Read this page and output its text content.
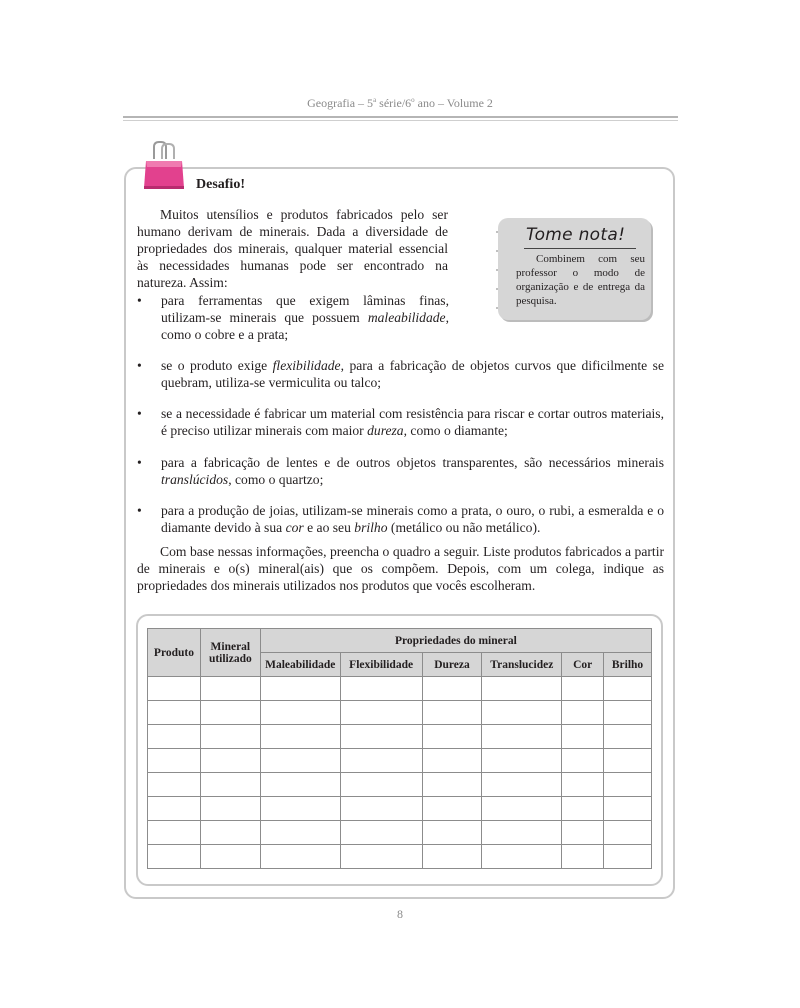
Geografia – 5$^a$ série/6$^o$ ano – Volume 2
Desafio!

Muitos utensílios e produtos fabricados pelo ser humano derivam de minerais. Dada a diversidade de propriedades dos minerais, qualquer material essencial às necessidades humanas pode ser encontrado na natureza. Assim:

•	para ferramentas que exigem lâminas finas, utilizam-se minerais que possuem maleabilidade, como o cobre e a prata;

•	se o produto exige flexibilidade, para a fabricação de objetos curvos que dificilmente se quebram, utiliza-se vermiculita ou talco;

•	se a necessidade é fabricar um material com resistência para riscar e cortar outros materiais, é preciso utilizar minerais com maior dureza, como o diamante;

•	para a fabricação de lentes e de outros objetos transparentes, são necessários minerais translúcidos, como o quartzo;

•	para a produção de joias, utilizam-se minerais como a prata, o ouro, o rubi, a esmeralda e o diamante devido à sua cor e ao seu brilho (metálico ou não metálico).

Com base nessas informações, preencha o quadro a seguir. Liste produtos fabricados a partir de minerais e o(s) mineral(ais) que os compõem. Depois, com um colega, indique as propriedades dos minerais utilizados nos produtos que vocês escolheram.

Tome nota!

Combinem com seu professor o modo de organização e de entrega da pesquisa.

Produto	Mineral utilizado	Propriedades do mineral					
		Maleabilidade	Flexibilidade	Dureza	Translucidez	Cor	Brilho

8
